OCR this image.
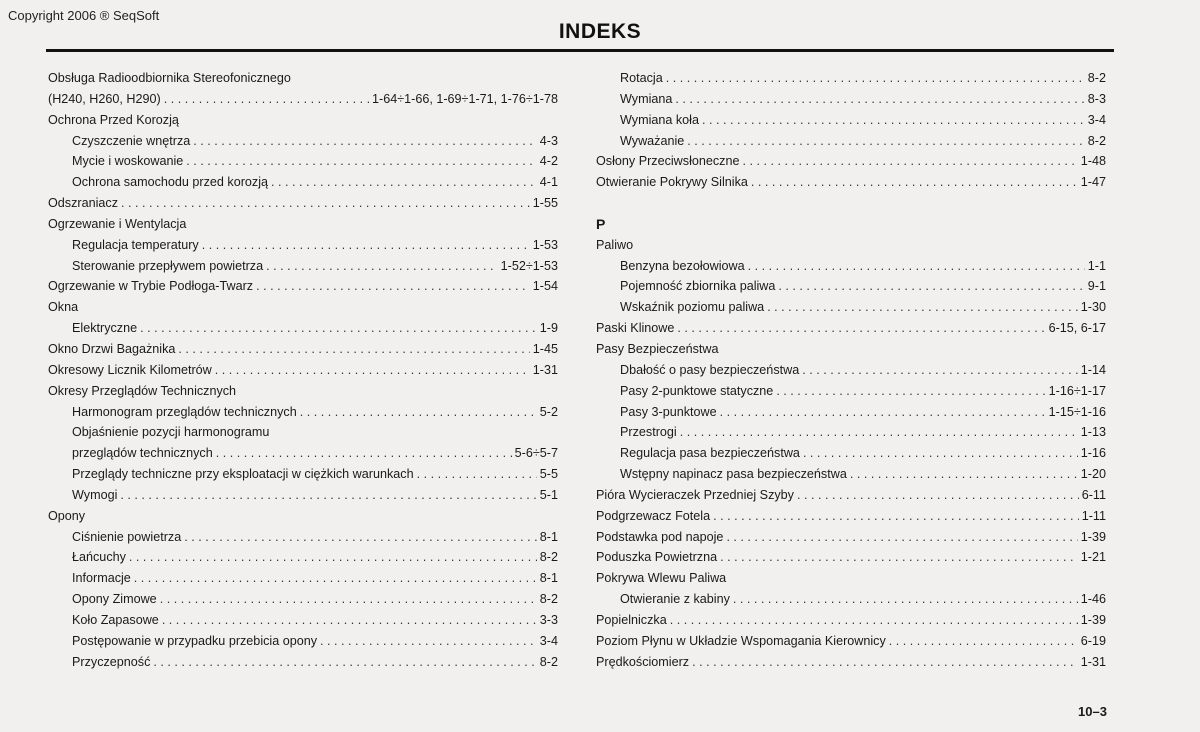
Copyright 2006 ® SeqSoft
INDEKS
Obsługa Radioodbiornika Stereofonicznego
(H240, H260, H290) . . .	1-64÷1-66, 1-69÷1-71, 1-76÷1-78
Ochrona Przed Korozją
Czyszczenie wnętrza . . .	4-3
Mycie i woskowanie . . .	4-2
Ochrona samochodu przed korozją . . .	4-1
Odszraniacz . . .	1-55
Ogrzewanie i Wentylacja
Regulacja temperatury . . .	1-53
Sterowanie przepływem powietrza . . .	1-52÷1-53
Ogrzewanie w Trybie Podłoga-Twarz . . .	1-54
Okna
Elektryczne . . .	1-9
Okno Drzwi Bagażnika . . .	1-45
Okresowy Licznik Kilometrów . . .	1-31
Okresy Przeglądów Technicznych
Harmonogram przeglądów technicznych . . .	5-2
Objaśnienie pozycji harmonogramu
przeglądów technicznych . . .	5-6÷5-7
Przeglądy techniczne przy eksploatacji w ciężkich warunkach . . .	5-5
Wymogi . . .	5-1
Opony
Ciśnienie powietrza . . .	8-1
Łańcuchy . . .	8-2
Informacje . . .	8-1
Opony Zimowe . . .	8-2
Koło Zapasowe . . .	3-3
Postępowanie w przypadku przebicia opony . . .	3-4
Przyczepność . . .	8-2
Rotacja . . .	8-2
Wymiana . . .	8-3
Wymiana koła . . .	3-4
Wyważanie . . .	8-2
Osłony Przeciwsłoneczne . . .	1-48
Otwieranie Pokrywy Silnika . . .	1-47
P
Paliwo
Benzyna bezołowiowa . . .	1-1
Pojemność zbiornika paliwa . . .	9-1
Wskaźnik poziomu paliwa . . .	1-30
Paski Klinowe . . .	6-15, 6-17
Pasy Bezpieczeństwa
Dbałość o pasy bezpieczeństwa . . .	1-14
Pasy 2-punktowe statyczne . . .	1-16÷1-17
Pasy 3-punktowe . . .	1-15÷1-16
Przestrogi . . .	1-13
Regulacja pasa bezpieczeństwa . . .	1-16
Wstępny napinacz pasa bezpieczeństwa . . .	1-20
Pióra Wycieraczek Przedniej Szyby . . .	6-11
Podgrzewacz Fotela . . .	1-11
Podstawka pod napoje . . .	1-39
Poduszka Powietrzna . . .	1-21
Pokrywa Wlewu Paliwa
Otwieranie z kabiny . . .	1-46
Popielniczka . . .	1-39
Poziom Płynu w Układzie Wspomagania Kierownicy . . .	6-19
Prędkościomierz . . .	1-31
10–3
